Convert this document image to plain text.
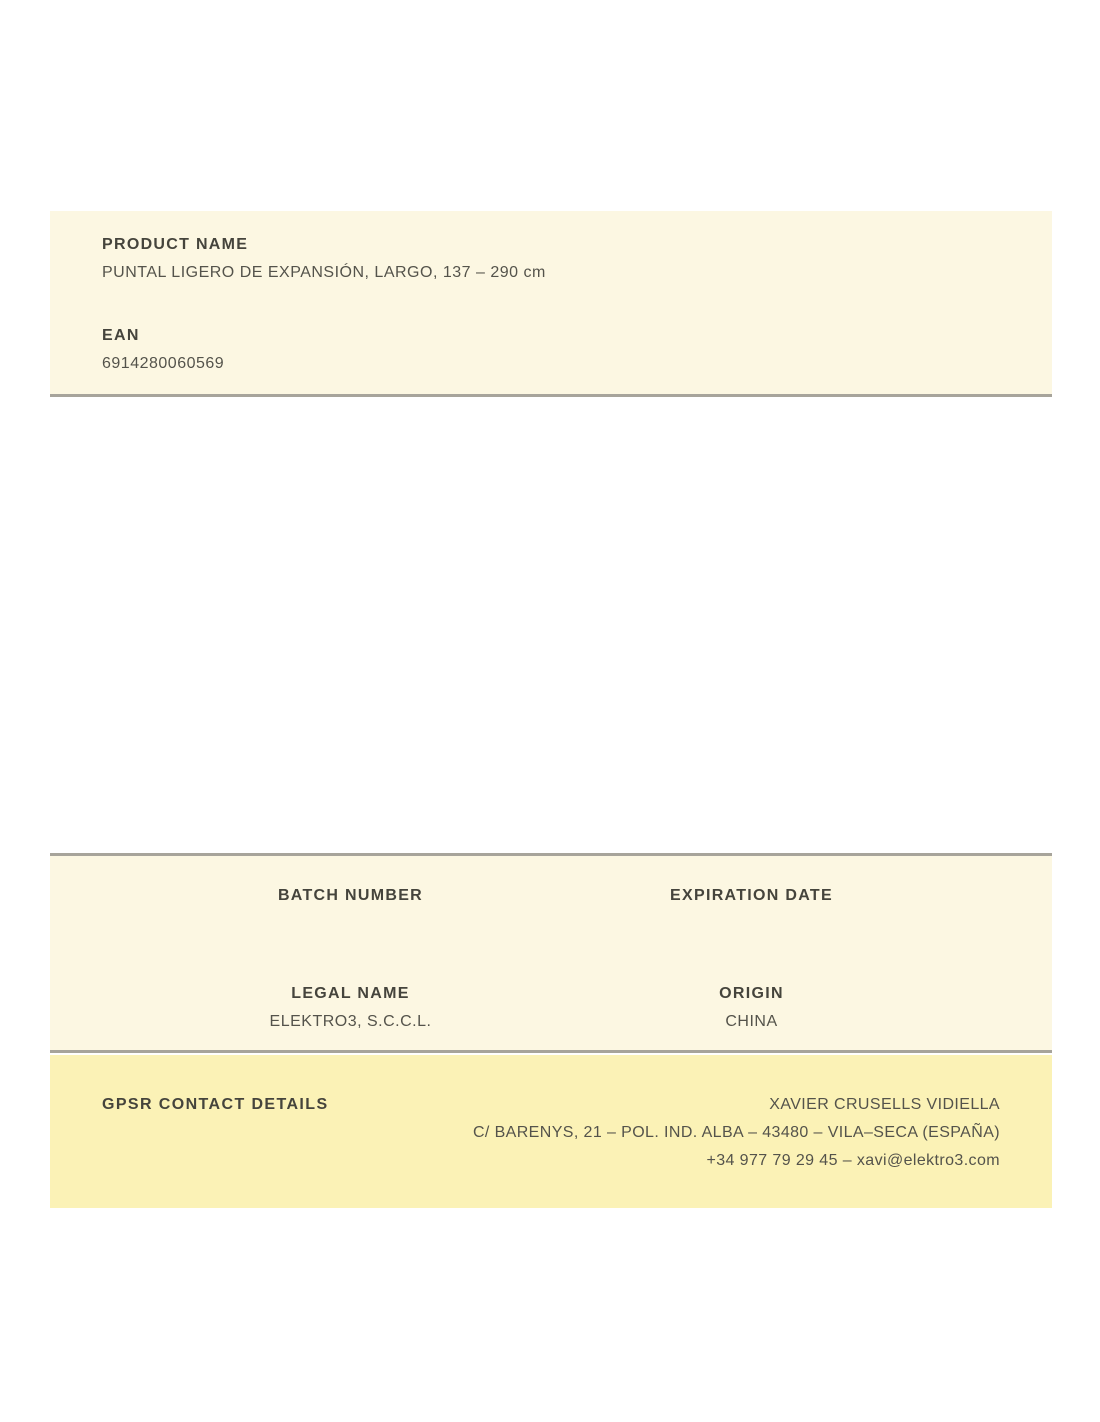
PRODUCT NAME
PUNTAL LIGERO DE EXPANSIÓN, LARGO, 137 – 290 cm
EAN
6914280060569
BATCH NUMBER	EXPIRATION DATE
LEGAL NAME
ELEKTRO3, S.C.C.L.
ORIGIN
CHINA
GPSR CONTACT DETAILS	XAVIER CRUSELLS VIDIELLA
C/ BARENYS, 21 – POL. IND. ALBA – 43480 – VILA–SECA (ESPAÑA)
+34 977 79 29 45 – xavi@elektro3.com
